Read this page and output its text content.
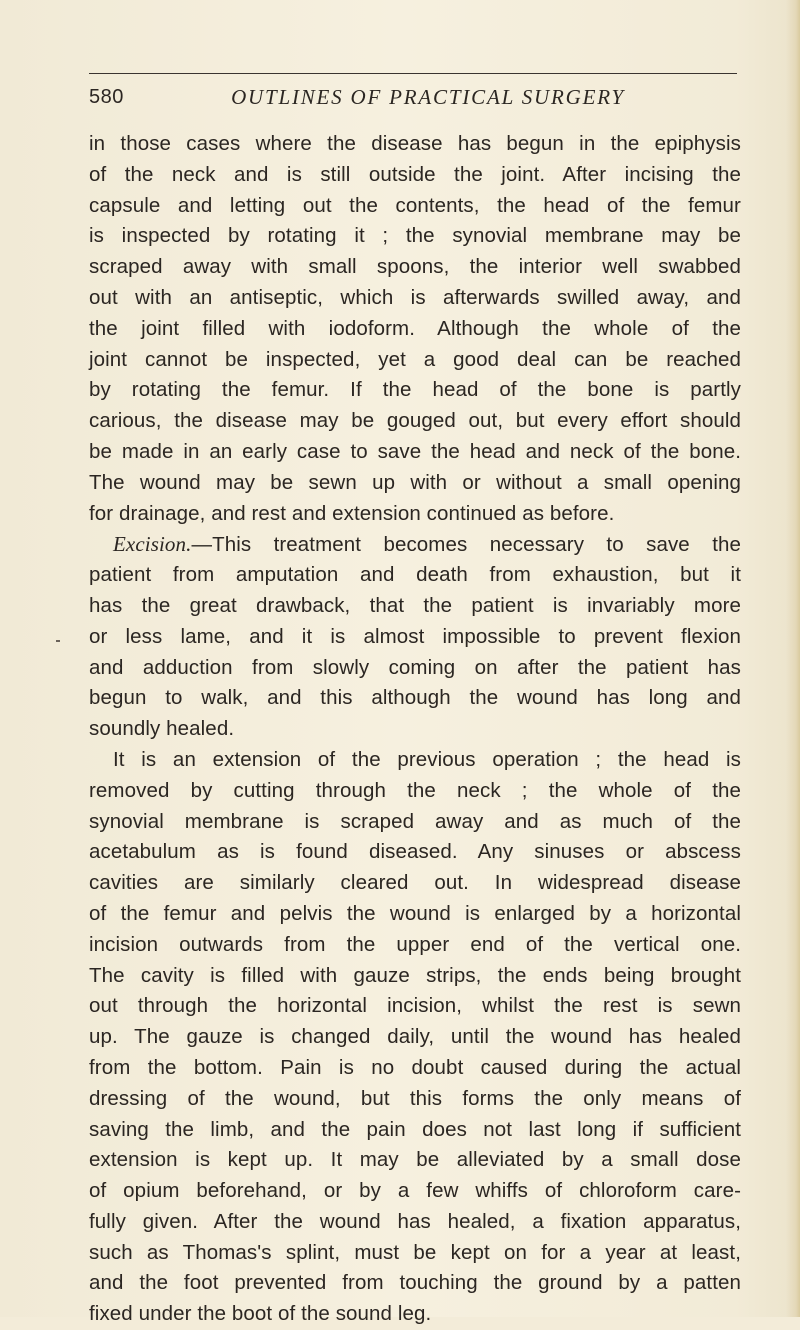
580	OUTLINES OF PRACTICAL SURGERY
in those cases where the disease has begun in the epiphysis
of the neck and is still outside the joint. After incising the
capsule and letting out the contents, the head of the femur
is inspected by rotating it ; the synovial membrane may be
scraped away with small spoons, the interior well swabbed
out with an antiseptic, which is afterwards swilled away, and
the joint filled with iodoform. Although the whole of the
joint cannot be inspected, yet a good deal can be reached
by rotating the femur. If the head of the bone is partly
carious, the disease may be gouged out, but every effort should
be made in an early case to save the head and neck of the bone.
The wound may be sewn up with or without a small opening
for drainage, and rest and extension continued as before.
Excision.—This treatment becomes necessary to save the
patient from amputation and death from exhaustion, but it
has the great drawback, that the patient is invariably more
or less lame, and it is almost impossible to prevent flexion
and adduction from slowly coming on after the patient has
begun to walk, and this although the wound has long and
soundly healed.
It is an extension of the previous operation ; the head is
removed by cutting through the neck ; the whole of the
synovial membrane is scraped away and as much of the
acetabulum as is found diseased. Any sinuses or abscess
cavities are similarly cleared out. In widespread disease
of the femur and pelvis the wound is enlarged by a horizontal
incision outwards from the upper end of the vertical one.
The cavity is filled with gauze strips, the ends being brought
out through the horizontal incision, whilst the rest is sewn
up. The gauze is changed daily, until the wound has healed
from the bottom. Pain is no doubt caused during the actual
dressing of the wound, but this forms the only means of
saving the limb, and the pain does not last long if sufficient
extension is kept up. It may be alleviated by a small dose
of opium beforehand, or by a few whiffs of chloroform care-
fully given. After the wound has healed, a fixation apparatus,
such as Thomas's splint, must be kept on for a year at least,
and the foot prevented from touching the ground by a patten
fixed under the boot of the sound leg.
